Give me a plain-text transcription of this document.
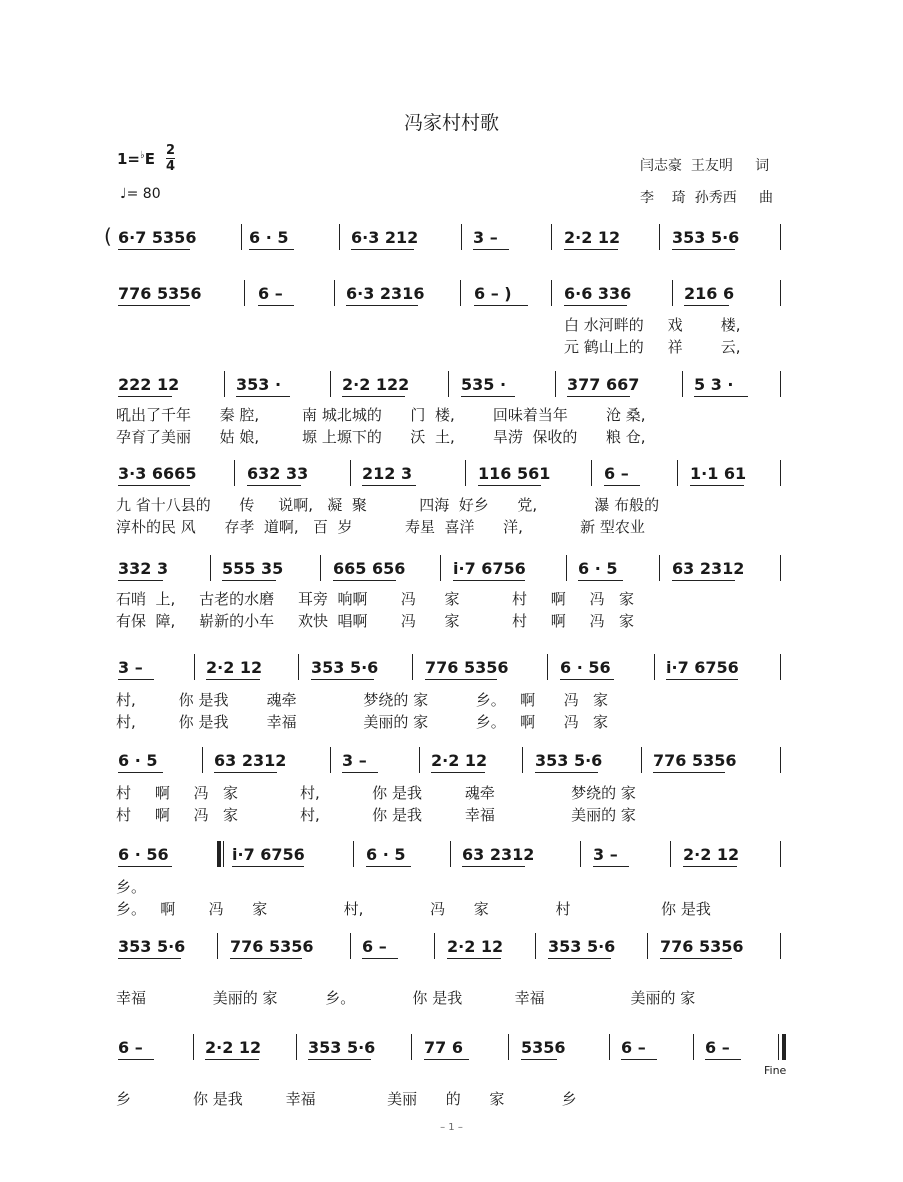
冯家村村歌
$1=^♭E \frac{2}{4}$
♩= 80
闫志豪  王友明     词
李    琦  孙秀西     曲
( 6·7 5356	6 · 5	6·3 212	3 –	2·2 12	353 5·6
776 5356	6 –	6·3 2316	6 – )	6·6 336	216 6
白 水河畔的     戏        楼,
元 鹤山上的     祥        云,
222 12	353 ·	2·2 122	535 ·	377 667	5 3 ·
吼出了千年      秦 腔,         南 城北城的      门  楼,        回味着当年        沧 桑,
孕育了美丽      姑 娘,         塬 上塬下的      沃  土,        旱涝  保收的      粮 仓,
3·3 6665	632 33	212 3	116 561	6 –	1·1 61
九 省十八县的      传     说啊,   凝  聚           四海  好乡      党,            瀑 布般的
淳朴的民 风      存孝  道啊,   百  岁           寿星  喜洋      洋,            新 型农业
332 3	555 35	665 656	i·7 6756	6 · 5	63 2312
石哨  上,     古老的水磨     耳旁  响啊       冯      家           村     啊     冯   家
有保  障,     崭新的小车     欢快  唱啊       冯      家           村     啊     冯   家
3 –	2·2 12	353 5·6	776 5356	6 · 56	i·7 6756
村,         你 是我        魂牵              梦绕的 家          乡。   啊      冯   家
村,         你 是我        幸福              美丽的 家          乡。   啊      冯   家
6 · 5	63 2312	3 –	2·2 12	353 5·6	776 5356
村     啊     冯   家             村,           你 是我         魂牵                梦绕的 家
村     啊     冯   家             村,           你 是我         幸福                美丽的 家
6 · 56	i·7 6756	6 · 5	63 2312	3 –	2·2 12
乡。
乡。   啊       冯      家                村,              冯      家              村                   你 是我
353 5·6	776 5356	6 –	2·2 12	353 5·6	776 5356
幸福              美丽的 家          乡。            你 是我           幸福                  美丽的 家
6 –	2·2 12	353 5·6	77 6	5356	6 –	6 –
Fine
乡             你 是我         幸福               美丽      的      家            乡
– 1 –
